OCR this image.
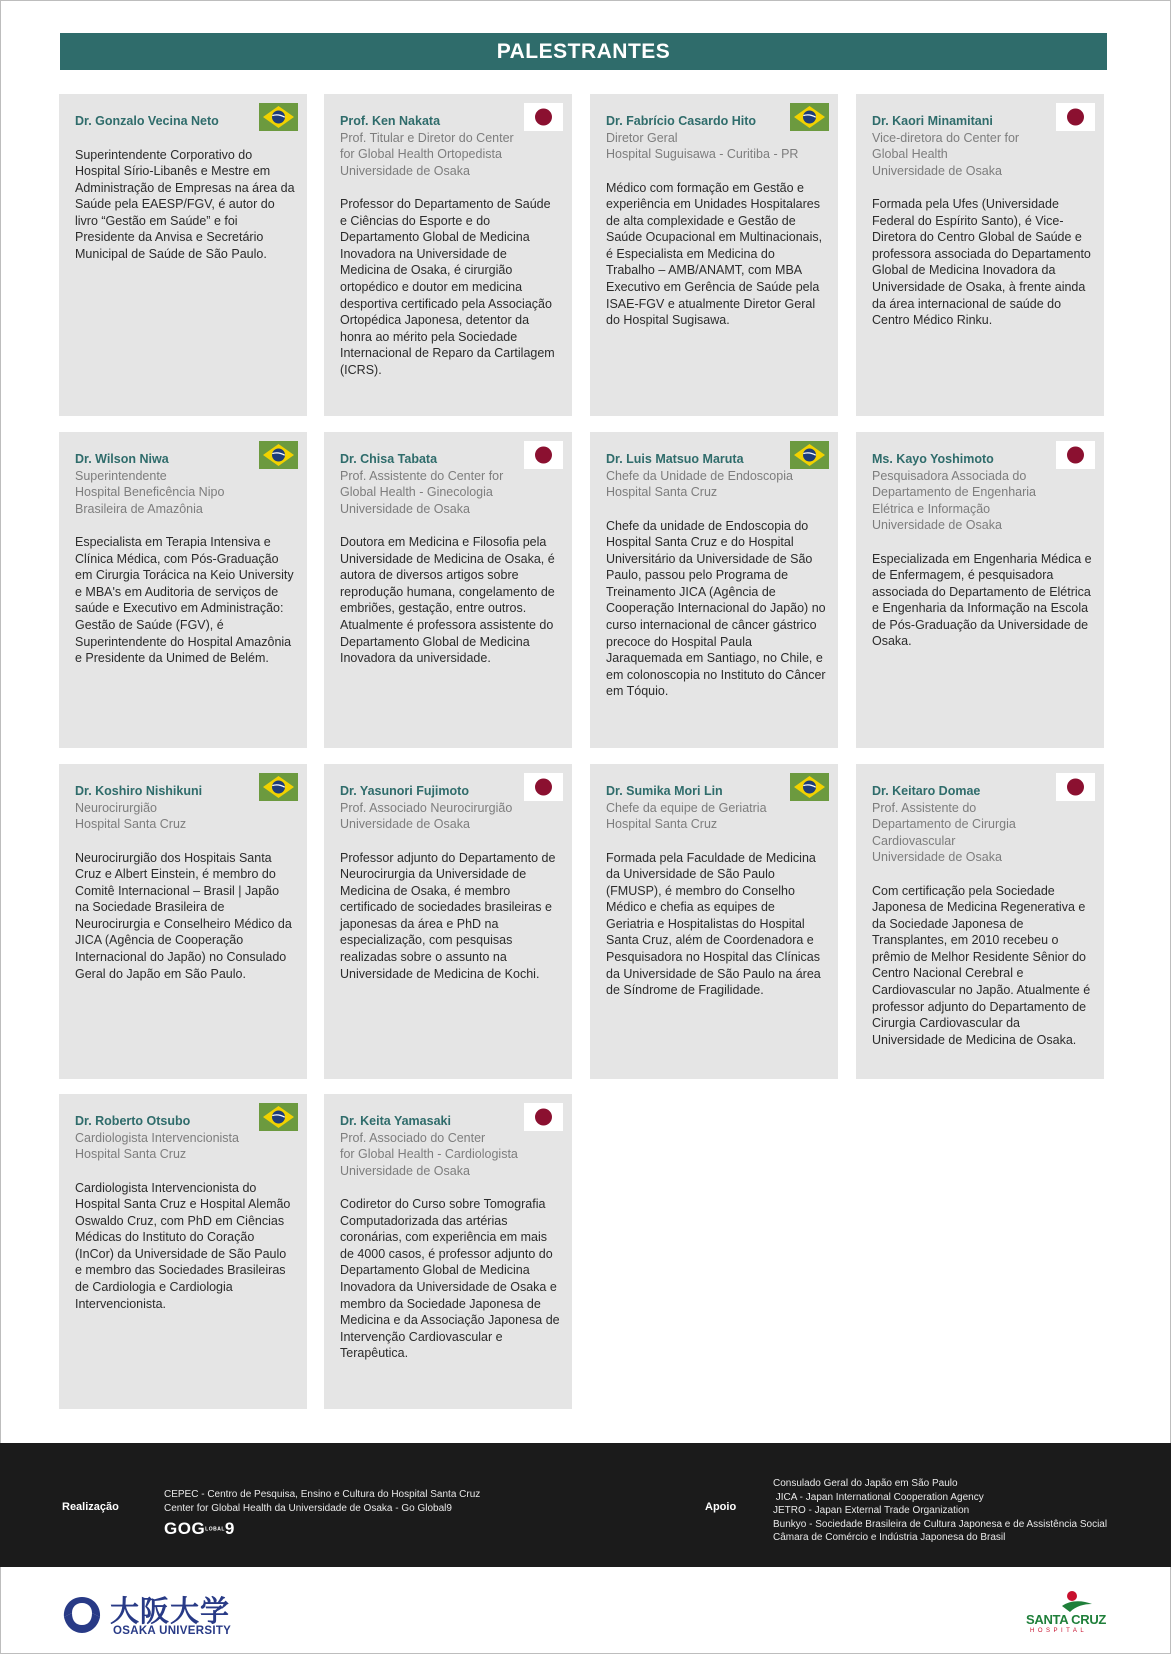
PALESTRANTES
Dr. Gonzalo Vecina Neto
Superintendente Corporativo do Hospital Sírio-Libanês e Mestre em Administração de Empresas na área da Saúde pela EAESP/FGV, é autor do livro “Gestão em Saúde” e foi Presidente da Anvisa e Secretário Municipal de Saúde de São Paulo.
Prof. Ken Nakata
Prof. Titular e Diretor do Center
for Global Health Ortopedista
Universidade de Osaka
Professor do Departamento de Saúde e Ciências do Esporte e do Departamento Global de Medicina Inovadora na Universidade de Medicina de Osaka, é cirurgião ortopédico e doutor em medicina desportiva certificado pela Associação Ortopédica Japonesa, detentor da honra ao mérito pela Sociedade Internacional de Reparo da Cartilagem (ICRS).
Dr. Fabrício Casardo Hito
Diretor Geral
Hospital Suguisawa - Curitiba - PR
Médico com formação em Gestão e experiência em Unidades Hospitalares de alta complexidade e Gestão de Saúde Ocupacional em Multinacionais, é Especialista em Medicina do Trabalho – AMB/ANAMT, com MBA Executivo em Gerência de Saúde pela ISAE-FGV e atualmente Diretor Geral do Hospital Sugisawa.
Dr. Kaori Minamitani
Vice-diretora do Center for
Global Health
Universidade de Osaka
Formada pela Ufes (Universidade Federal do Espírito Santo), é Vice-Diretora do Centro Global de Saúde e professora associada do Departamento Global de Medicina Inovadora da Universidade de Osaka, à frente ainda da área internacional de saúde do Centro Médico Rinku.
Dr. Wilson Niwa
Superintendente
Hospital Beneficência Nipo
Brasileira de Amazônia
Especialista em Terapia Intensiva e Clínica Médica, com Pós-Graduação em Cirurgia Torácica na Keio University e MBA's em Auditoria de serviços de saúde e Executivo em Administração: Gestão de Saúde (FGV), é Superintendente do Hospital Amazônia e Presidente da Unimed de Belém.
Dr. Chisa Tabata
Prof. Assistente do Center for
Global Health - Ginecologia
Universidade de Osaka
Doutora em Medicina e Filosofia pela Universidade de Medicina de Osaka, é autora de diversos artigos sobre reprodução humana, congelamento de embriões, gestação, entre outros. Atualmente é professora assistente do Departamento Global de Medicina Inovadora da universidade.
Dr. Luis Matsuo Maruta
Chefe da Unidade de Endoscopia
Hospital Santa Cruz
Chefe da unidade de Endoscopia do Hospital Santa Cruz e do Hospital Universitário da Universidade de São Paulo, passou pelo Programa de Treinamento JICA (Agência de Cooperação Internacional do Japão) no curso internacional de câncer gástrico precoce do Hospital Paula Jaraquemada em Santiago, no Chile, e em colonoscopia no Instituto do Câncer em Tóquio.
Ms. Kayo Yoshimoto
Pesquisadora Associada do
Departamento de Engenharia
Elétrica e Informação
Universidade de Osaka
Especializada em Engenharia Médica e de Enfermagem, é pesquisadora associada do Departamento de Elétrica e Engenharia da Informação na Escola de Pós-Graduação da Universidade de Osaka.
Dr. Koshiro Nishikuni
Neurocirurgião
Hospital Santa Cruz
Neurocirurgião dos Hospitais Santa Cruz e Albert Einstein, é membro do Comitê Internacional – Brasil | Japão na Sociedade Brasileira de Neurocirurgia e Conselheiro Médico da JICA (Agência de Cooperação Internacional do Japão) no Consulado Geral do Japão em São Paulo.
Dr. Yasunori Fujimoto
Prof. Associado Neurocirurgião
Universidade de Osaka
Professor adjunto do Departamento de Neurocirurgia da Universidade de Medicina de Osaka, é membro certificado de sociedades brasileiras e japonesas da área e PhD na especialização, com pesquisas realizadas sobre o assunto na Universidade de Medicina de Kochi.
Dr. Sumika Mori Lin
Chefe da equipe de Geriatria
Hospital Santa Cruz
Formada pela Faculdade de Medicina da Universidade de São Paulo (FMUSP), é membro do Conselho Médico e chefia as equipes de Geriatria e Hospitalistas do Hospital Santa Cruz, além de Coordenadora e Pesquisadora no Hospital das Clínicas da Universidade de São Paulo na área de Síndrome de Fragilidade.
Dr. Keitaro Domae
Prof. Assistente do
Departamento de Cirurgia
Cardiovascular
Universidade de Osaka
Com certificação pela Sociedade Japonesa de Medicina Regenerativa e da Sociedade Japonesa de Transplantes, em 2010 recebeu o prêmio de Melhor Residente Sênior do Centro Nacional Cerebral e Cardiovascular no Japão. Atualmente é professor adjunto do Departamento de Cirurgia Cardiovascular da Universidade de Medicina de Osaka.
Dr. Roberto Otsubo
Cardiologista Intervencionista
Hospital Santa Cruz
Cardiologista Intervencionista do Hospital Santa Cruz e Hospital Alemão Oswaldo Cruz, com PhD em Ciências Médicas do Instituto do Coração (InCor) da Universidade de São Paulo e membro das Sociedades Brasileiras de Cardiologia e Cardiologia Intervencionista.
Dr. Keita Yamasaki
Prof. Associado do Center
for Global Health - Cardiologista
Universidade de Osaka
Codiretor do Curso sobre Tomografia Computadorizada das artérias coronárias, com experiência em mais de 4000 casos, é professor adjunto do Departamento Global de Medicina Inovadora da Universidade de Osaka e membro da Sociedade Japonesa de Medicina e da Associação Japonesa de Intervenção Cardiovascular e Terapêutica.
Realização
CEPEC - Centro de Pesquisa, Ensino e Cultura do Hospital Santa Cruz
Center for Global Health da Universidade de Osaka - Go Global9
GOGLOBAL9
Apoio
Consulado Geral do Japão em São Paulo
JICA - Japan International Cooperation Agency
JETRO - Japan External Trade Organization
Bunkyo - Sociedade Brasileira de Cultura Japonesa e de Assistência Social
Câmara de Comércio e Indústria Japonesa do Brasil
大阪大学
OSAKA UNIVERSITY
SANTA CRUZ
HOSPITAL
